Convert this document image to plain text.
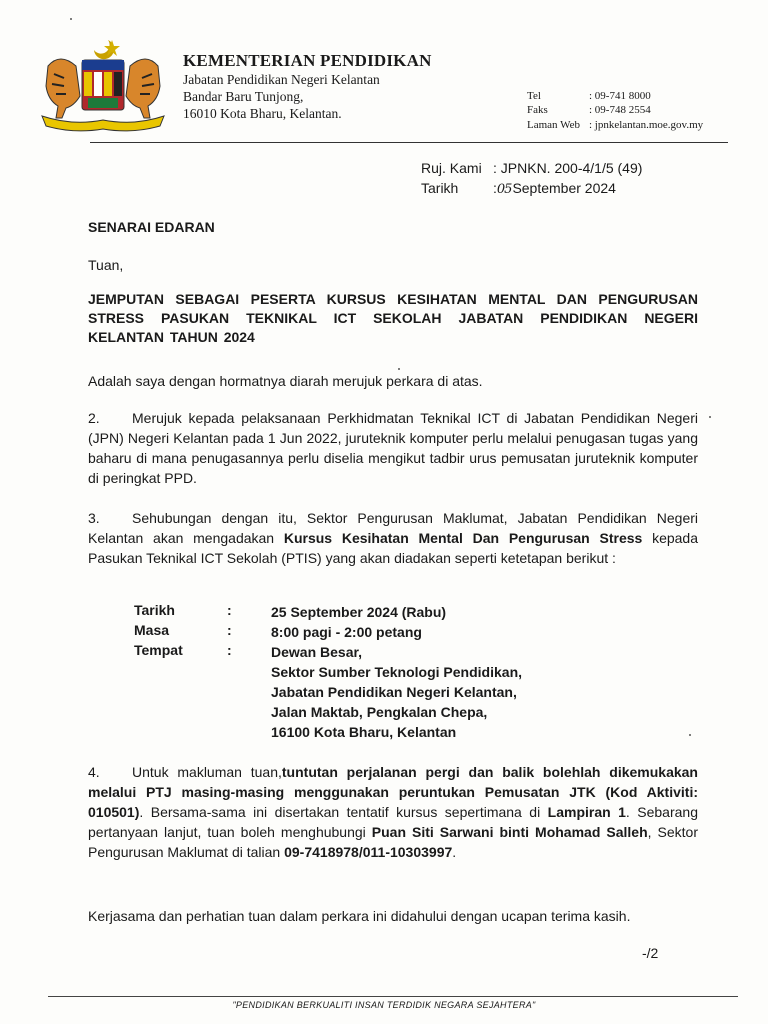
KEMENTERIAN PENDIDIKAN
Jabatan Pendidikan Negeri Kelantan
Bandar Baru Tunjong,
16010 Kota Bharu, Kelantan.
Tel	: 09-741 8000
Faks	: 09-748 2554
Laman Web : jpnkelantan.moe.gov.my
Ruj. Kami : JPNKN. 200-4/1/5 (49)
Tarikh :05September 2024
SENARAI EDARAN
Tuan,
JEMPUTAN SEBAGAI PESERTA KURSUS KESIHATAN MENTAL DAN PENGURUSAN STRESS PASUKAN TEKNIKAL ICT SEKOLAH JABATAN PENDIDIKAN NEGERI KELANTAN TAHUN 2024
Adalah saya dengan hormatnya diarah merujuk perkara di atas.
2. Merujuk kepada pelaksanaan Perkhidmatan Teknikal ICT di Jabatan Pendidikan Negeri (JPN) Negeri Kelantan pada 1 Jun 2022, juruteknik komputer perlu melalui penugasan tugas yang baharu di mana penugasannya perlu diselia mengikut tadbir urus pemusatan juruteknik komputer di peringkat PPD.
3. Sehubungan dengan itu, Sektor Pengurusan Maklumat, Jabatan Pendidikan Negeri Kelantan akan mengadakan Kursus Kesihatan Mental Dan Pengurusan Stress kepada Pasukan Teknikal ICT Sekolah (PTIS) yang akan diadakan seperti ketetapan berikut :
Tarikh	:	25 September 2024 (Rabu)
Masa	:	8:00 pagi - 2:00 petang
Tempat	:	Dewan Besar,
Sektor Sumber Teknologi Pendidikan,
Jabatan Pendidikan Negeri Kelantan,
Jalan Maktab, Pengkalan Chepa,
16100 Kota Bharu, Kelantan
4. Untuk makluman tuan,tuntutan perjalanan pergi dan balik bolehlah dikemukakan melalui PTJ masing-masing menggunakan peruntukan Pemusatan JTK (Kod Aktiviti: 010501). Bersama-sama ini disertakan tentatif kursus sepertimana di Lampiran 1. Sebarang pertanyaan lanjut, tuan boleh menghubungi Puan Siti Sarwani binti Mohamad Salleh, Sektor Pengurusan Maklumat di talian 09-7418978/011-10303997.
Kerjasama dan perhatian tuan dalam perkara ini didahului dengan ucapan terima kasih.
-/2
"PENDIDIKAN BERKUALITI INSAN TERDIDIK NEGARA SEJAHTERA"
